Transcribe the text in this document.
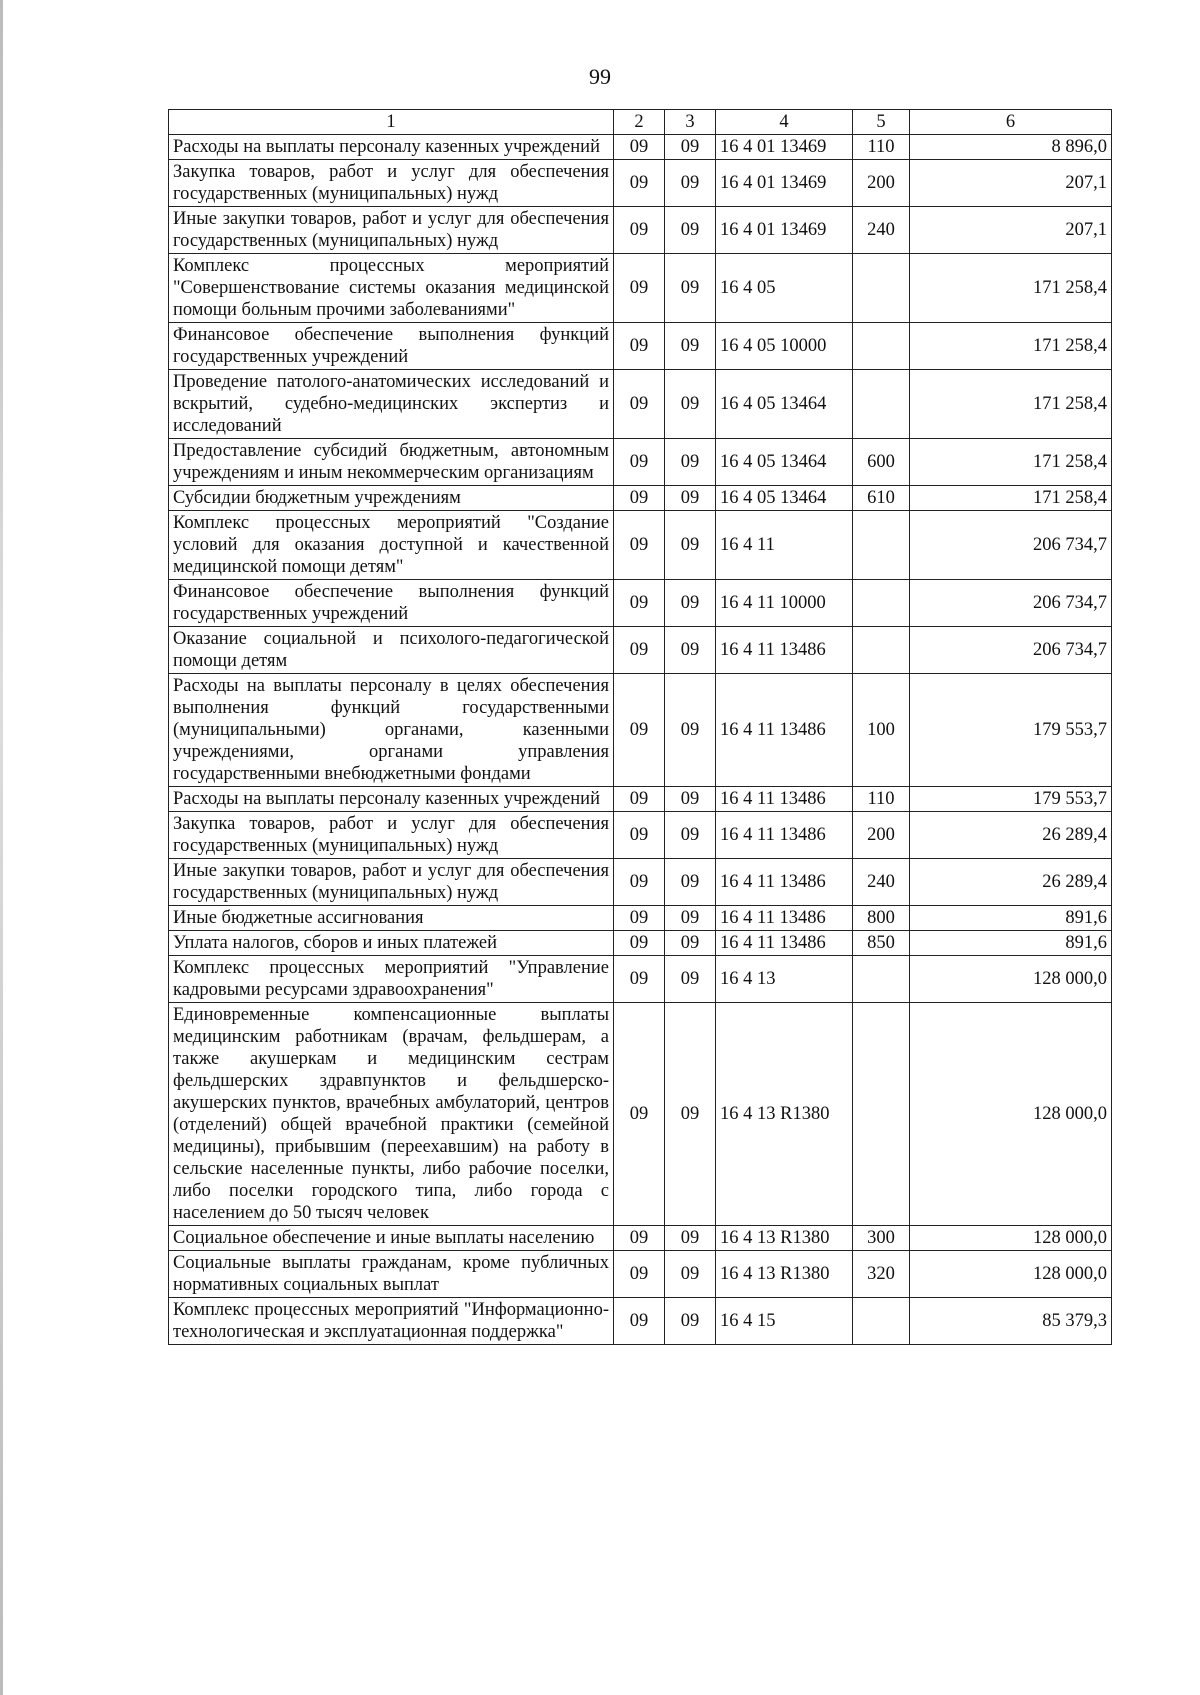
99
1	2	3	4	5	6
Расходы на выплаты персоналу казенных учреждений	09	09	16 4 01 13469	110	8 896,0
Закупка товаров, работ и услуг для обеспечения государственных (муниципальных) нужд	09	09	16 4 01 13469	200	207,1
Иные закупки товаров, работ и услуг для обеспечения государственных (муниципальных) нужд	09	09	16 4 01 13469	240	207,1
Комплекс процессных мероприятий "Совершенствование системы оказания медицинской помощи больным прочими заболеваниями"	09	09	16 4 05		171 258,4
Финансовое обеспечение выполнения функций государственных учреждений	09	09	16 4 05 10000		171 258,4
Проведение патолого-анатомических исследований и вскрытий, судебно-медицинских экспертиз и исследований	09	09	16 4 05 13464		171 258,4
Предоставление субсидий бюджетным, автономным учреждениям и иным некоммерческим организациям	09	09	16 4 05 13464	600	171 258,4
Субсидии бюджетным учреждениям	09	09	16 4 05 13464	610	171 258,4
Комплекс процессных мероприятий "Создание условий для оказания доступной и качественной медицинской помощи детям"	09	09	16 4 11		206 734,7
Финансовое обеспечение выполнения функций государственных учреждений	09	09	16 4 11 10000		206 734,7
Оказание социальной и психолого-педагогической помощи детям	09	09	16 4 11 13486		206 734,7
Расходы на выплаты персоналу в целях обеспечения выполнения функций государственными (муниципальными) органами, казенными учреждениями, органами управления государственными внебюджетными фондами	09	09	16 4 11 13486	100	179 553,7
Расходы на выплаты персоналу казенных учреждений	09	09	16 4 11 13486	110	179 553,7
Закупка товаров, работ и услуг для обеспечения государственных (муниципальных) нужд	09	09	16 4 11 13486	200	26 289,4
Иные закупки товаров, работ и услуг для обеспечения государственных (муниципальных) нужд	09	09	16 4 11 13486	240	26 289,4
Иные бюджетные ассигнования	09	09	16 4 11 13486	800	891,6
Уплата налогов, сборов и иных платежей	09	09	16 4 11 13486	850	891,6
Комплекс процессных мероприятий "Управление кадровыми ресурсами здравоохранения"	09	09	16 4 13		128 000,0
Единовременные компенсационные выплаты медицинским работникам (врачам, фельдшерам, а также акушеркам и медицинским сестрам фельдшерских здравпунктов и фельдшерско-акушерских пунктов, врачебных амбулаторий, центров (отделений) общей врачебной практики (семейной медицины), прибывшим (переехавшим) на работу в сельские населенные пункты, либо рабочие поселки, либо поселки городского типа, либо города с населением до 50 тысяч человек	09	09	16 4 13 R1380		128 000,0
Социальное обеспечение и иные выплаты населению	09	09	16 4 13 R1380	300	128 000,0
Социальные выплаты гражданам, кроме публичных нормативных социальных выплат	09	09	16 4 13 R1380	320	128 000,0
Комплекс процессных мероприятий "Информационно-технологическая и эксплуатационная поддержка"	09	09	16 4 15		85 379,3
